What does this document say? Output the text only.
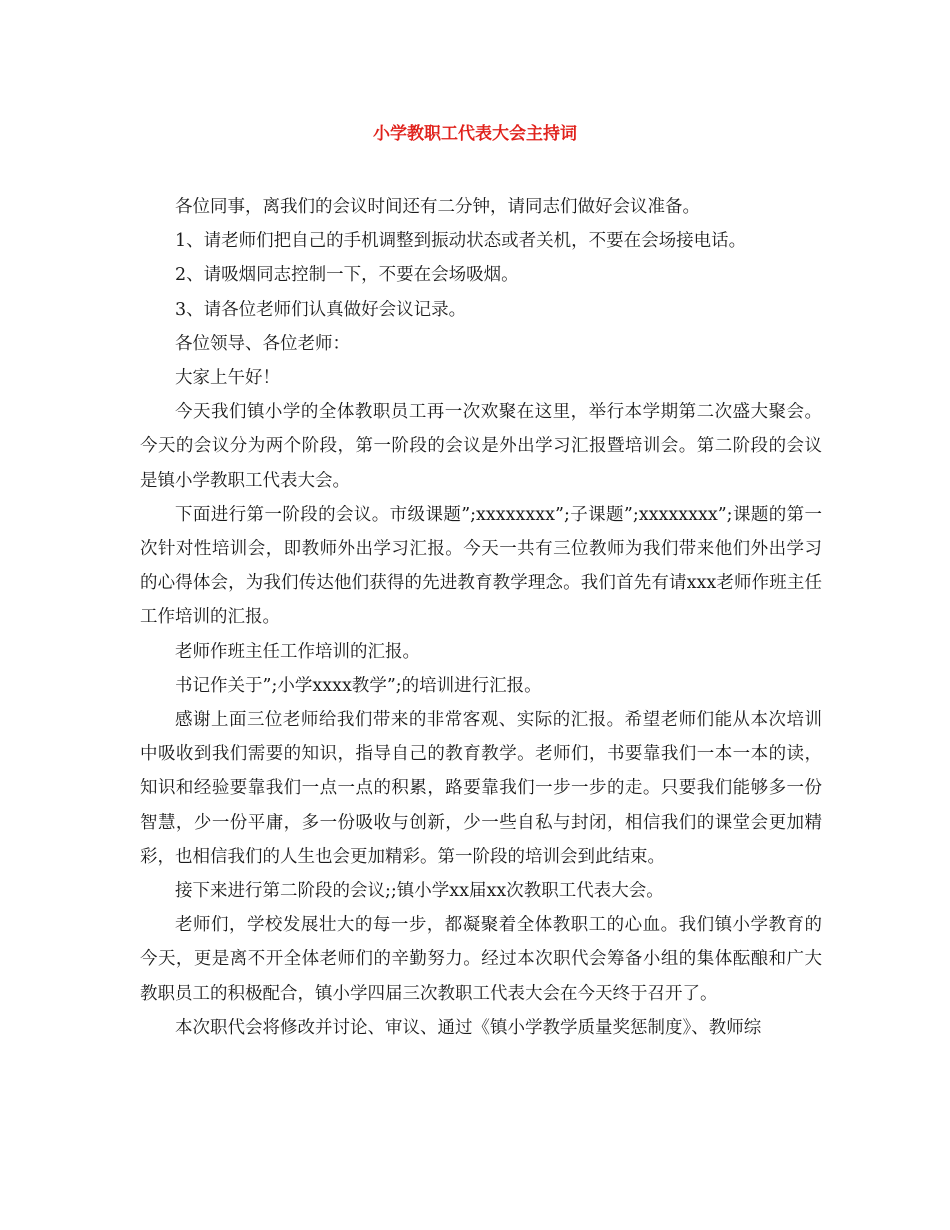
小学教职工代表大会主持词

各位同事，离我们的会议时间还有二分钟，请同志们做好会议准备。

1、请老师们把自己的手机调整到振动状态或者关机，不要在会场接电话。

2、请吸烟同志控制一下，不要在会场吸烟。

3、请各位老师们认真做好会议记录。

各位领导、各位老师：

大家上午好！

今天我们镇小学的全体教职员工再一次欢聚在这里，举行本学期第二次盛大聚会。今天的会议分为两个阶段，第一阶段的会议是外出学习汇报暨培训会。第二阶段的会议是镇小学教职工代表大会。

下面进行第一阶段的会议。市级课题”;xxxxxxxx”;子课题”;xxxxxxxx”;课题的第一次针对性培训会，即教师外出学习汇报。今天一共有三位教师为我们带来他们外出学习的心得体会，为我们传达他们获得的先进教育教学理念。我们首先有请xxx老师作班主任工作培训的汇报。

老师作班主任工作培训的汇报。

书记作关于”;小学xxxx教学”;的培训进行汇报。

感谢上面三位老师给我们带来的非常客观、实际的汇报。希望老师们能从本次培训中吸收到我们需要的知识，指导自己的教育教学。老师们，书要靠我们一本一本的读，知识和经验要靠我们一点一点的积累，路要靠我们一步一步的走。只要我们能够多一份智慧，少一份平庸，多一份吸收与创新，少一些自私与封闭，相信我们的课堂会更加精彩，也相信我们的人生也会更加精彩。第一阶段的培训会到此结束。

接下来进行第二阶段的会议;;镇小学xx届xx次教职工代表大会。

老师们，学校发展壮大的每一步，都凝聚着全体教职工的心血。我们镇小学教育的今天，更是离不开全体老师们的辛勤努力。经过本次职代会筹备小组的集体酝酿和广大教职员工的积极配合，镇小学四届三次教职工代表大会在今天终于召开了。

本次职代会将修改并讨论、审议、通过《镇小学教学质量奖惩制度》、教师综
